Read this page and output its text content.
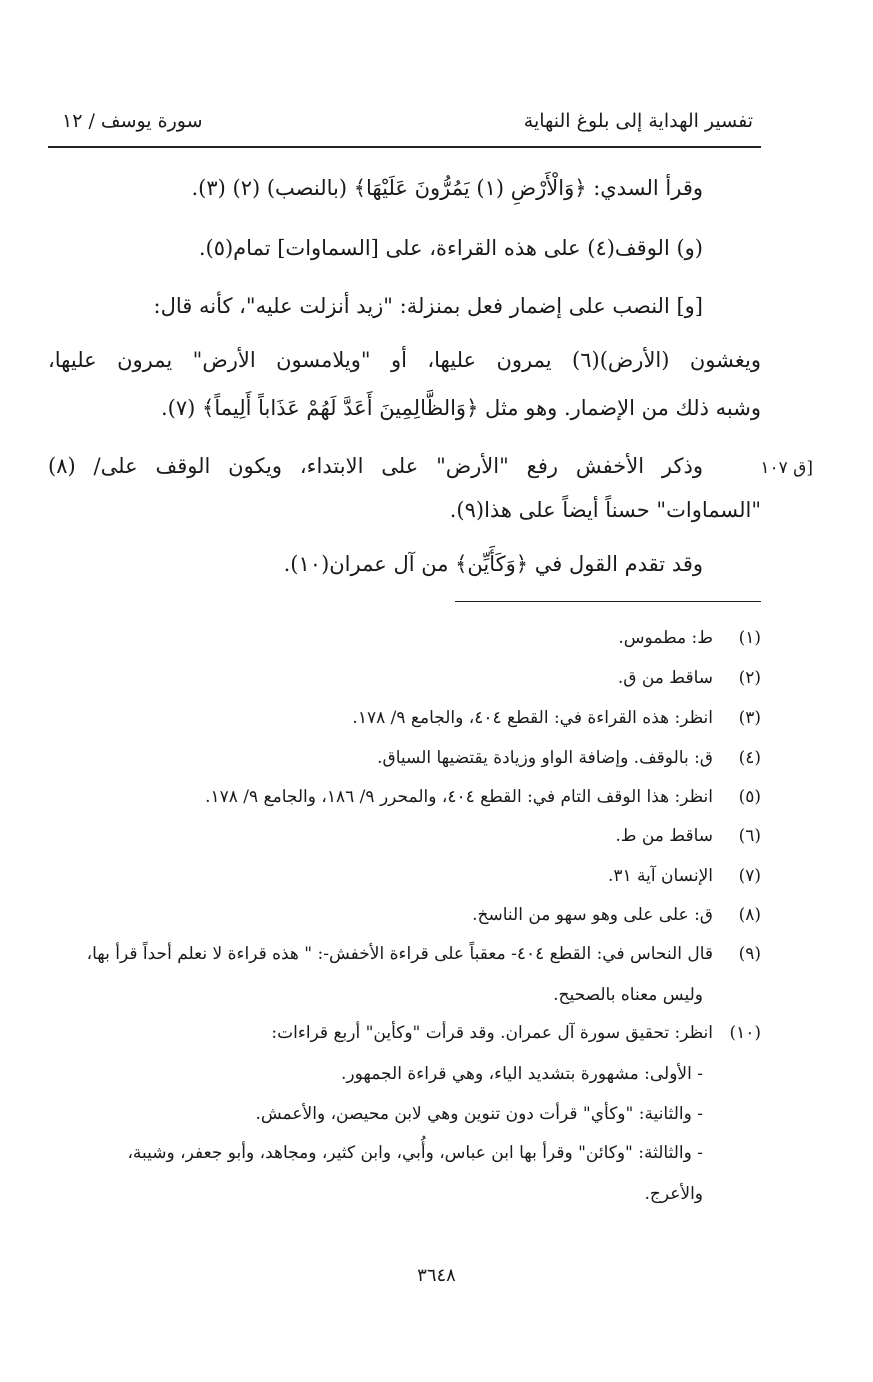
تفسير الهداية إلى بلوغ النهاية
سورة يوسف / ١٢
وقرأ السدي: ﴿وَالْأَرْضِ (١) يَمُرُّونَ عَلَيْهَا﴾ (بالنصب) (٢) (٣).
(و) الوقف(٤) على هذه القراءة، على [السماوات] تمام(٥).
[و] النصب على إضمار فعل بمنزلة: "زيد أنزلت عليه"، كأنه قال:
ويغشون (الأرض)(٦) يمرون عليها، أو "ويلامسون الأرض" يمرون عليها،
وشبه ذلك من الإضمار. وهو مثل ﴿وَالظَّالِمِينَ أَعَدَّ لَهُمْ عَذَاباً أَلِيماً﴾ (٧).
[ق ١٠٧
وذكر الأخفش رفع "الأرض" على الابتداء، ويكون الوقف على/ (٨)
"السماوات" حسناً أيضاً على هذا(٩).
وقد تقدم القول في ﴿وَكَأَيِّن﴾ من آل عمران(١٠).
(١)
ط: مطموس.
(٢)
ساقط من ق.
(٣)
انظر: هذه القراءة في: القطع ٤٠٤، والجامع ٩/ ١٧٨.
(٤)
ق: بالوقف. وإضافة الواو وزيادة يقتضيها السياق.
(٥)
انظر: هذا الوقف التام في: القطع ٤٠٤، والمحرر ٩/ ١٨٦، والجامع ٩/ ١٧٨.
(٦)
ساقط من ط.
(٧)
الإنسان آية ٣١.
(٨)
ق: على على وهو سهو من الناسخ.
(٩)
قال النحاس في: القطع ٤٠٤- معقباً على قراءة الأخفش-: " هذه قراءة لا نعلم أحداً قرأ بها،
وليس معناه بالصحيح.
(١٠)
انظر: تحقيق سورة آل عمران. وقد قرأت "وكأين" أربع قراءات:
- الأولى: مشهورة بتشديد الياء، وهي قراءة الجمهور.
- والثانية: "وكأي" قرأت دون تنوين وهي لابن محيصن، والأعمش.
- والثالثة: "وكائن" وقرأ بها ابن عباس، وأُبي، وابن كثير، ومجاهد، وأبو جعفر، وشيبة،
والأعرج.
٣٦٤٨
